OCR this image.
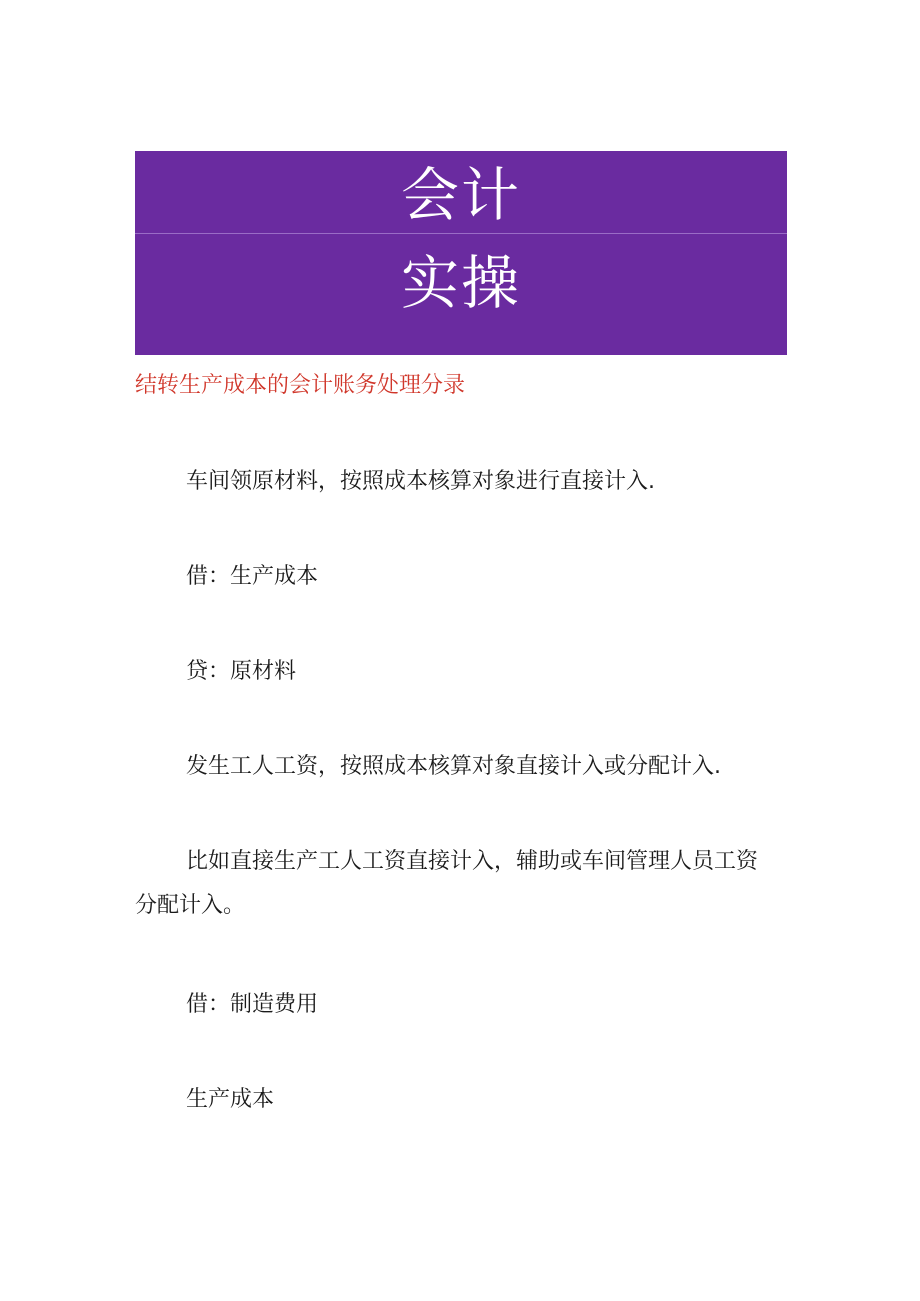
会计
实操
结转生产成本的会计账务处理分录
车间领原材料，按照成本核算对象进行直接计入.
借：生产成本
贷：原材料
发生工人工资，按照成本核算对象直接计入或分配计入.
比如直接生产工人工资直接计入，辅助或车间管理人员工资分配计入。
借：制造费用
生产成本
